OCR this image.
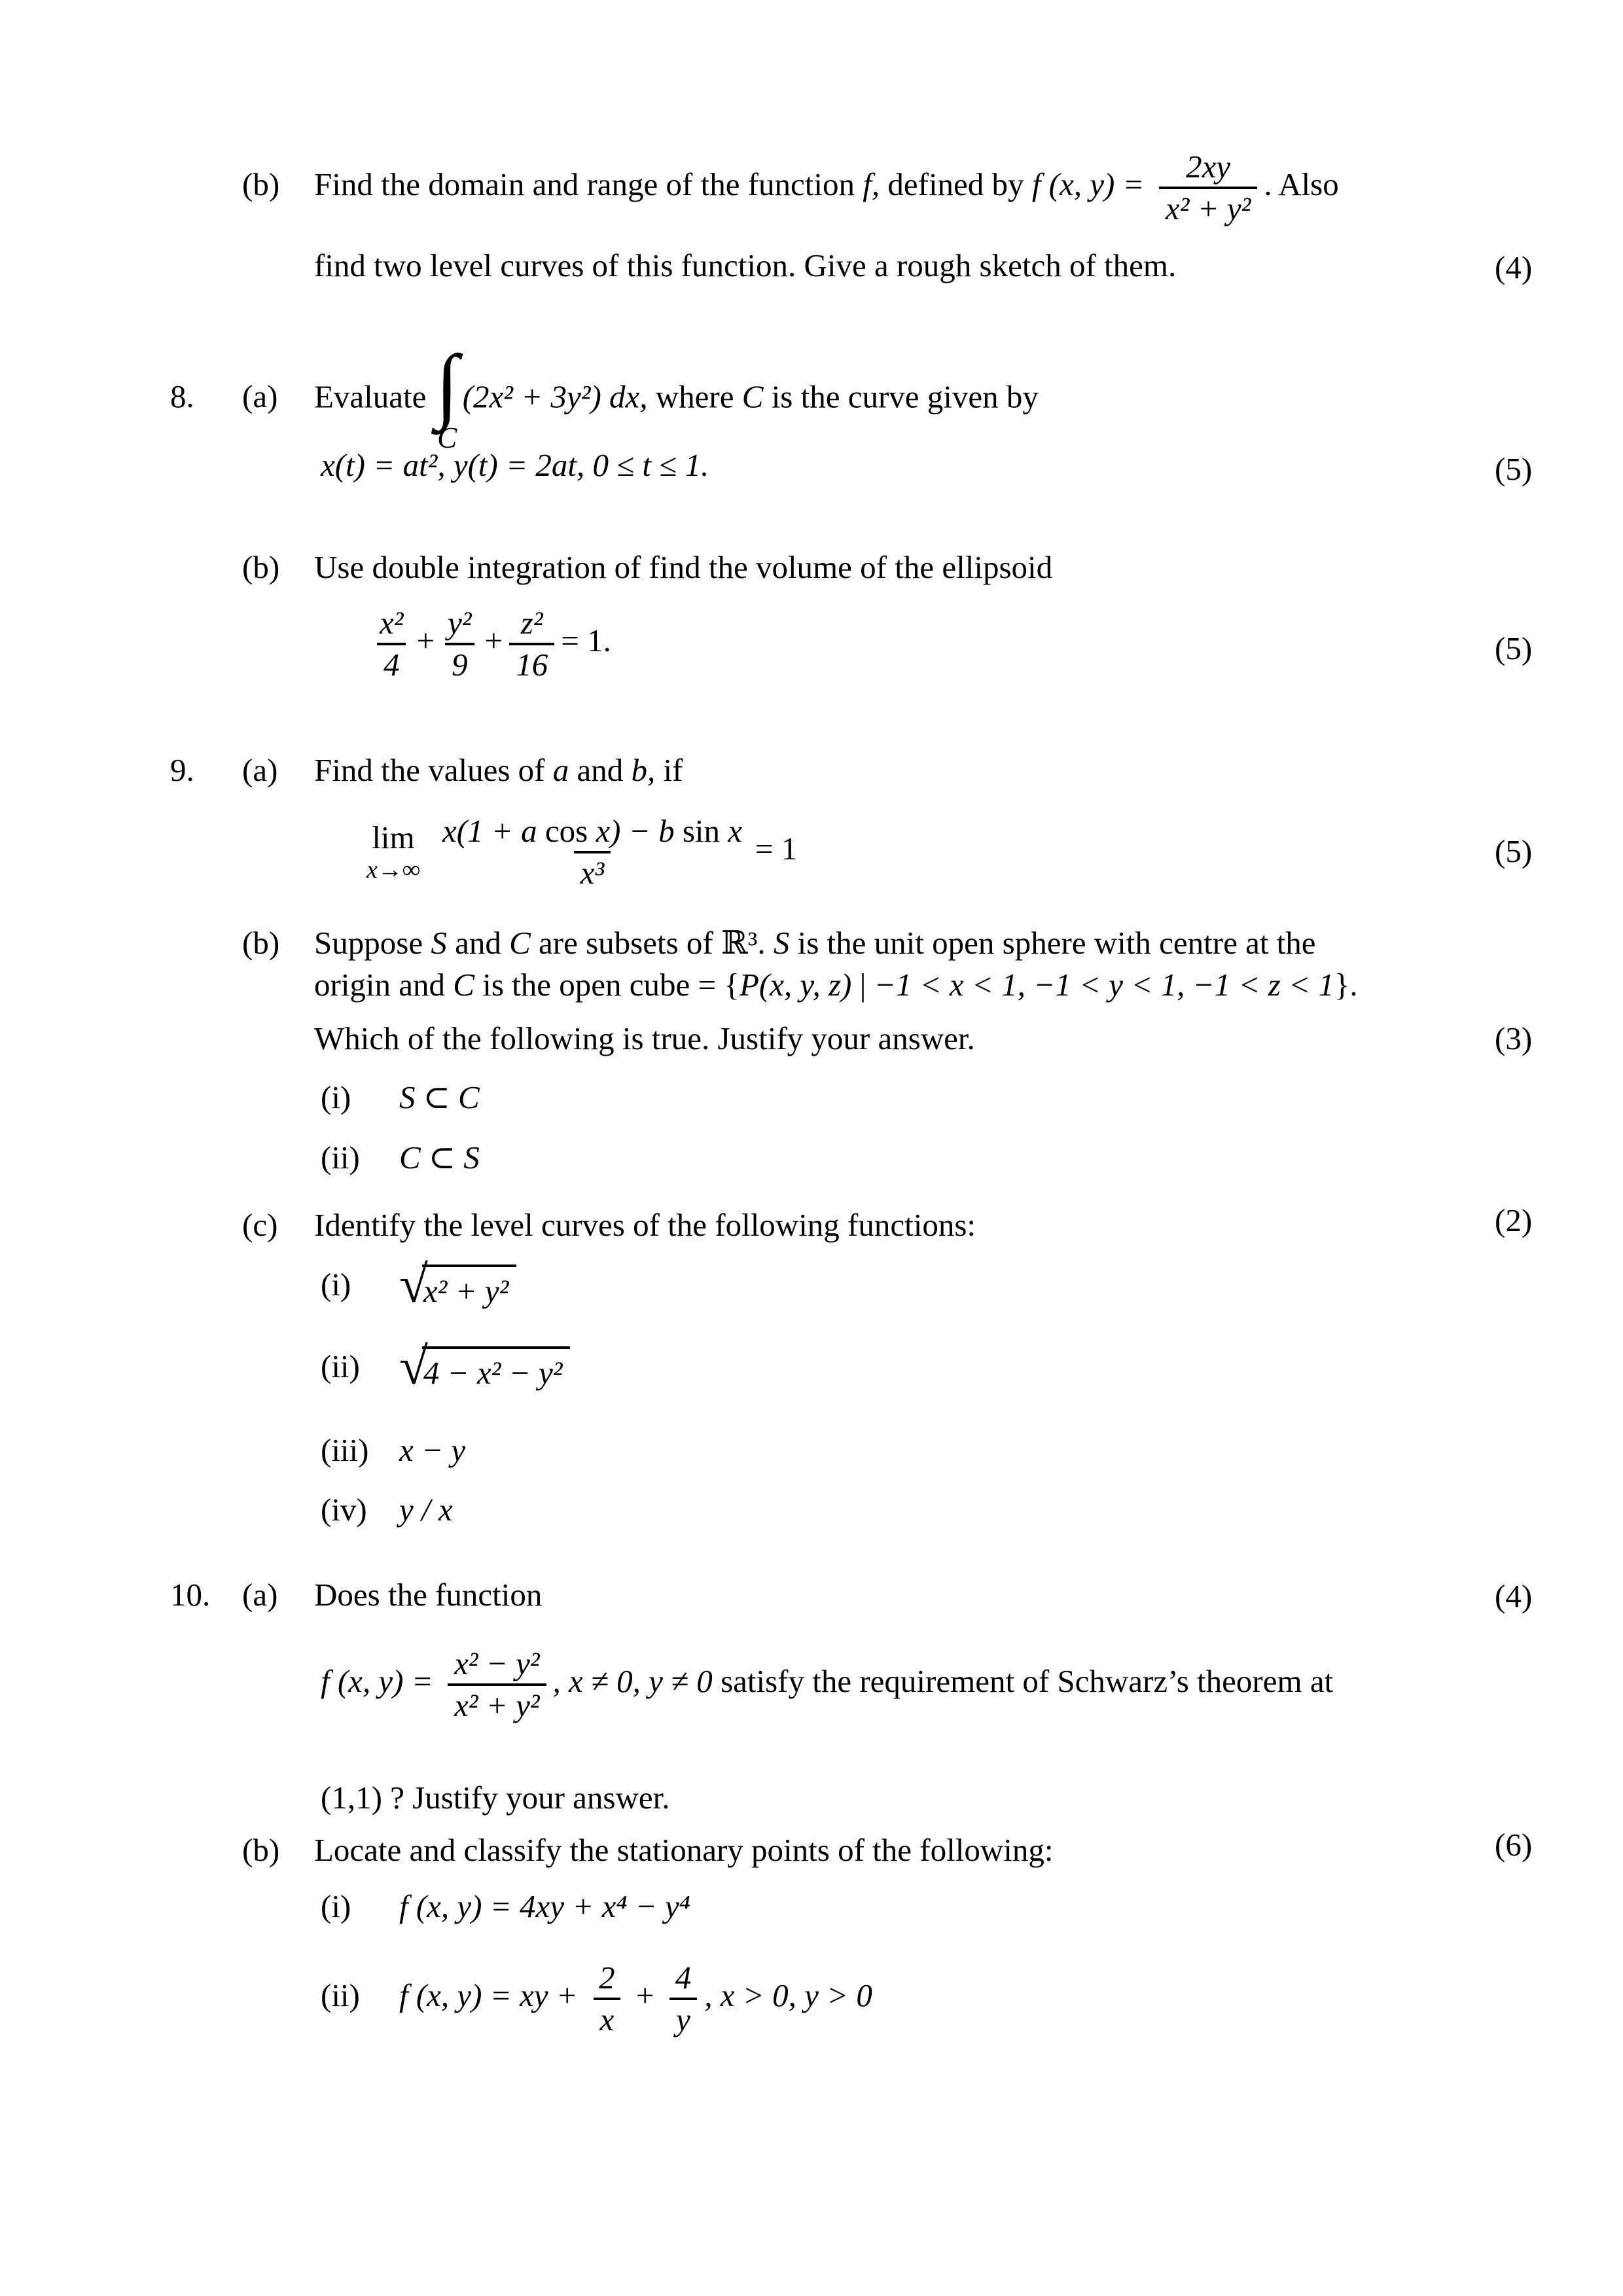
(b) Find the domain and range of the function f, defined by f (x, $y) = \frac{2xy}{\text{x² + y²}}$ . Also
find two level curves of this function. Give a rough sketch of them.	(4)
8. (a) Evaluate ∫
C
(2x² + 3y²) dx, where C is the curve given by
x(t) = at², y(t) = 2at, 0 ≤ t ≤ 1.	(5)
(b) Use double integration of find the volume of the ellipsoid
$\frac{\text{x²}}{4} + \frac{\text{y²}}{9} + \frac{\text{z²}}{16} = 1$.	(5)
9. (a) Find the values of a and b, if
lim
$x\to\infty \frac{\text{x(1 + a cos x) − b sin x}}{\text{x³}} = 1$	(5)
(b) Suppose S and C are subsets of ℝ³. S is the unit open sphere with centre at the
origin and C is the open cube = {P(x, y, z) | −1 < x < 1, −1 < y < 1, −1 < z < 1}.
Which of the following is true. Justify your answer.	(3)
(i) S ⊂ C
(ii) C ⊂ S
(c) Identify the level curves of the following functions:	(2)
(i) √
x² + y²
(ii) √
4 − x² − y²
(iii) x − y
(iv) y / x
10. (a) Does the function	(4)
f (x, $y) = \frac{\text{x² − y²}}{\text{x² + y²}}$ , x ≠ 0, y ≠ 0 satisfy the requirement of Schwarz’s theorem at
(1,1) ? Justify your answer.
(b) Locate and classify the stationary points of the following:	(6)
(i) f (x, y) = 4xy + x⁴ − y⁴
(ii) f (x, y) = xy + $\frac{2}{x} + \frac{4}{y}$ , x > 0, y > 0
